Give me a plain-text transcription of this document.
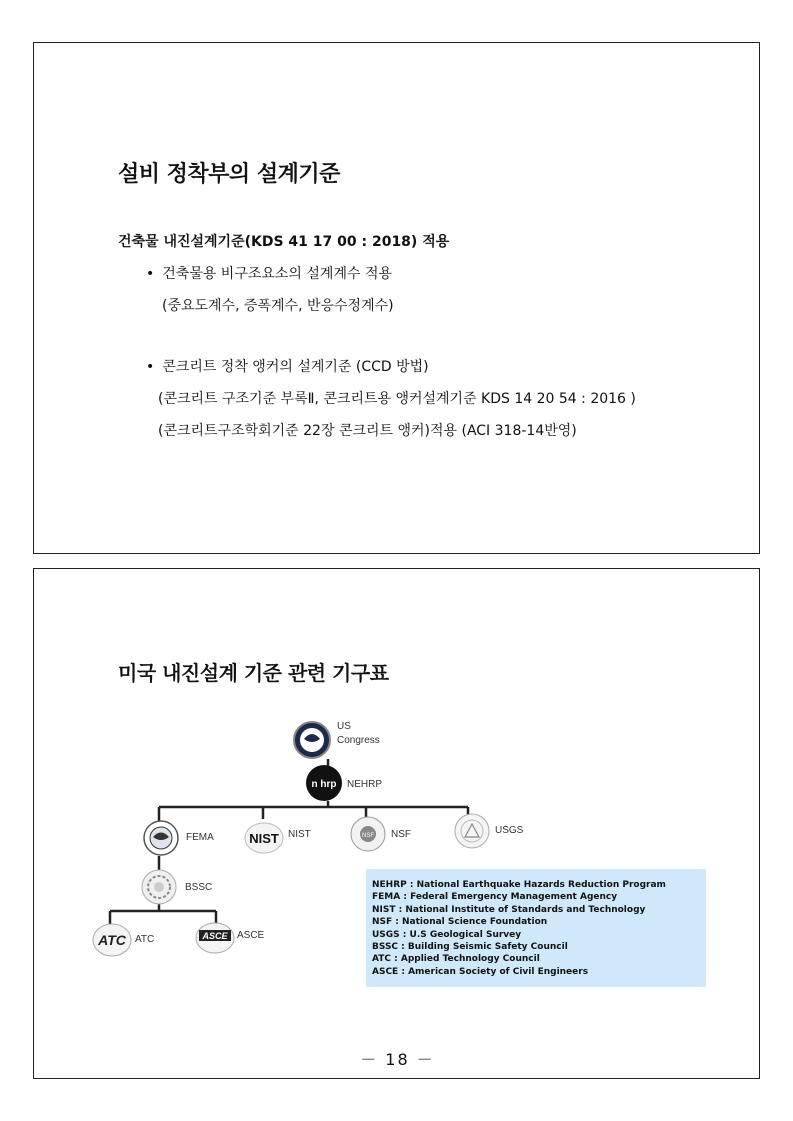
설비 정착부의 설계기준
건축물 내진설계기준(KDS 41 17 00 : 2018) 적용
• 건축물용 비구조요소의 설계계수 적용
(중요도계수, 증폭계수, 반응수정계수)
• 콘크리트 정착 앵커의 설계기준 (CCD 방법)
(콘크리트 구조기준 부록Ⅱ, 콘크리트용 앵커설계기준 KDS 14 20 54 : 2016 )
(콘크리트구조학회기준 22장 콘크리트 앵커)적용 (ACI 318-14반영)
미국 내진설계 기준 관련 기구표
US
Congress
n hrp NEHRP
FEMA	NIST NIST	NSF NSF	USGS
BSSC
ATC ATC	ASCE ASCE
NEHRP : National Earthquake Hazards Reduction Program
FEMA : Federal Emergency Management Agency
NIST : National Institute of Standards and Technology
NSF : National Science Foundation
USGS : U.S Geological Survey
BSSC : Building Seismic Safety Council
ATC : Applied Technology Council
ASCE : American Society of Civil Engineers
－ 18 －
